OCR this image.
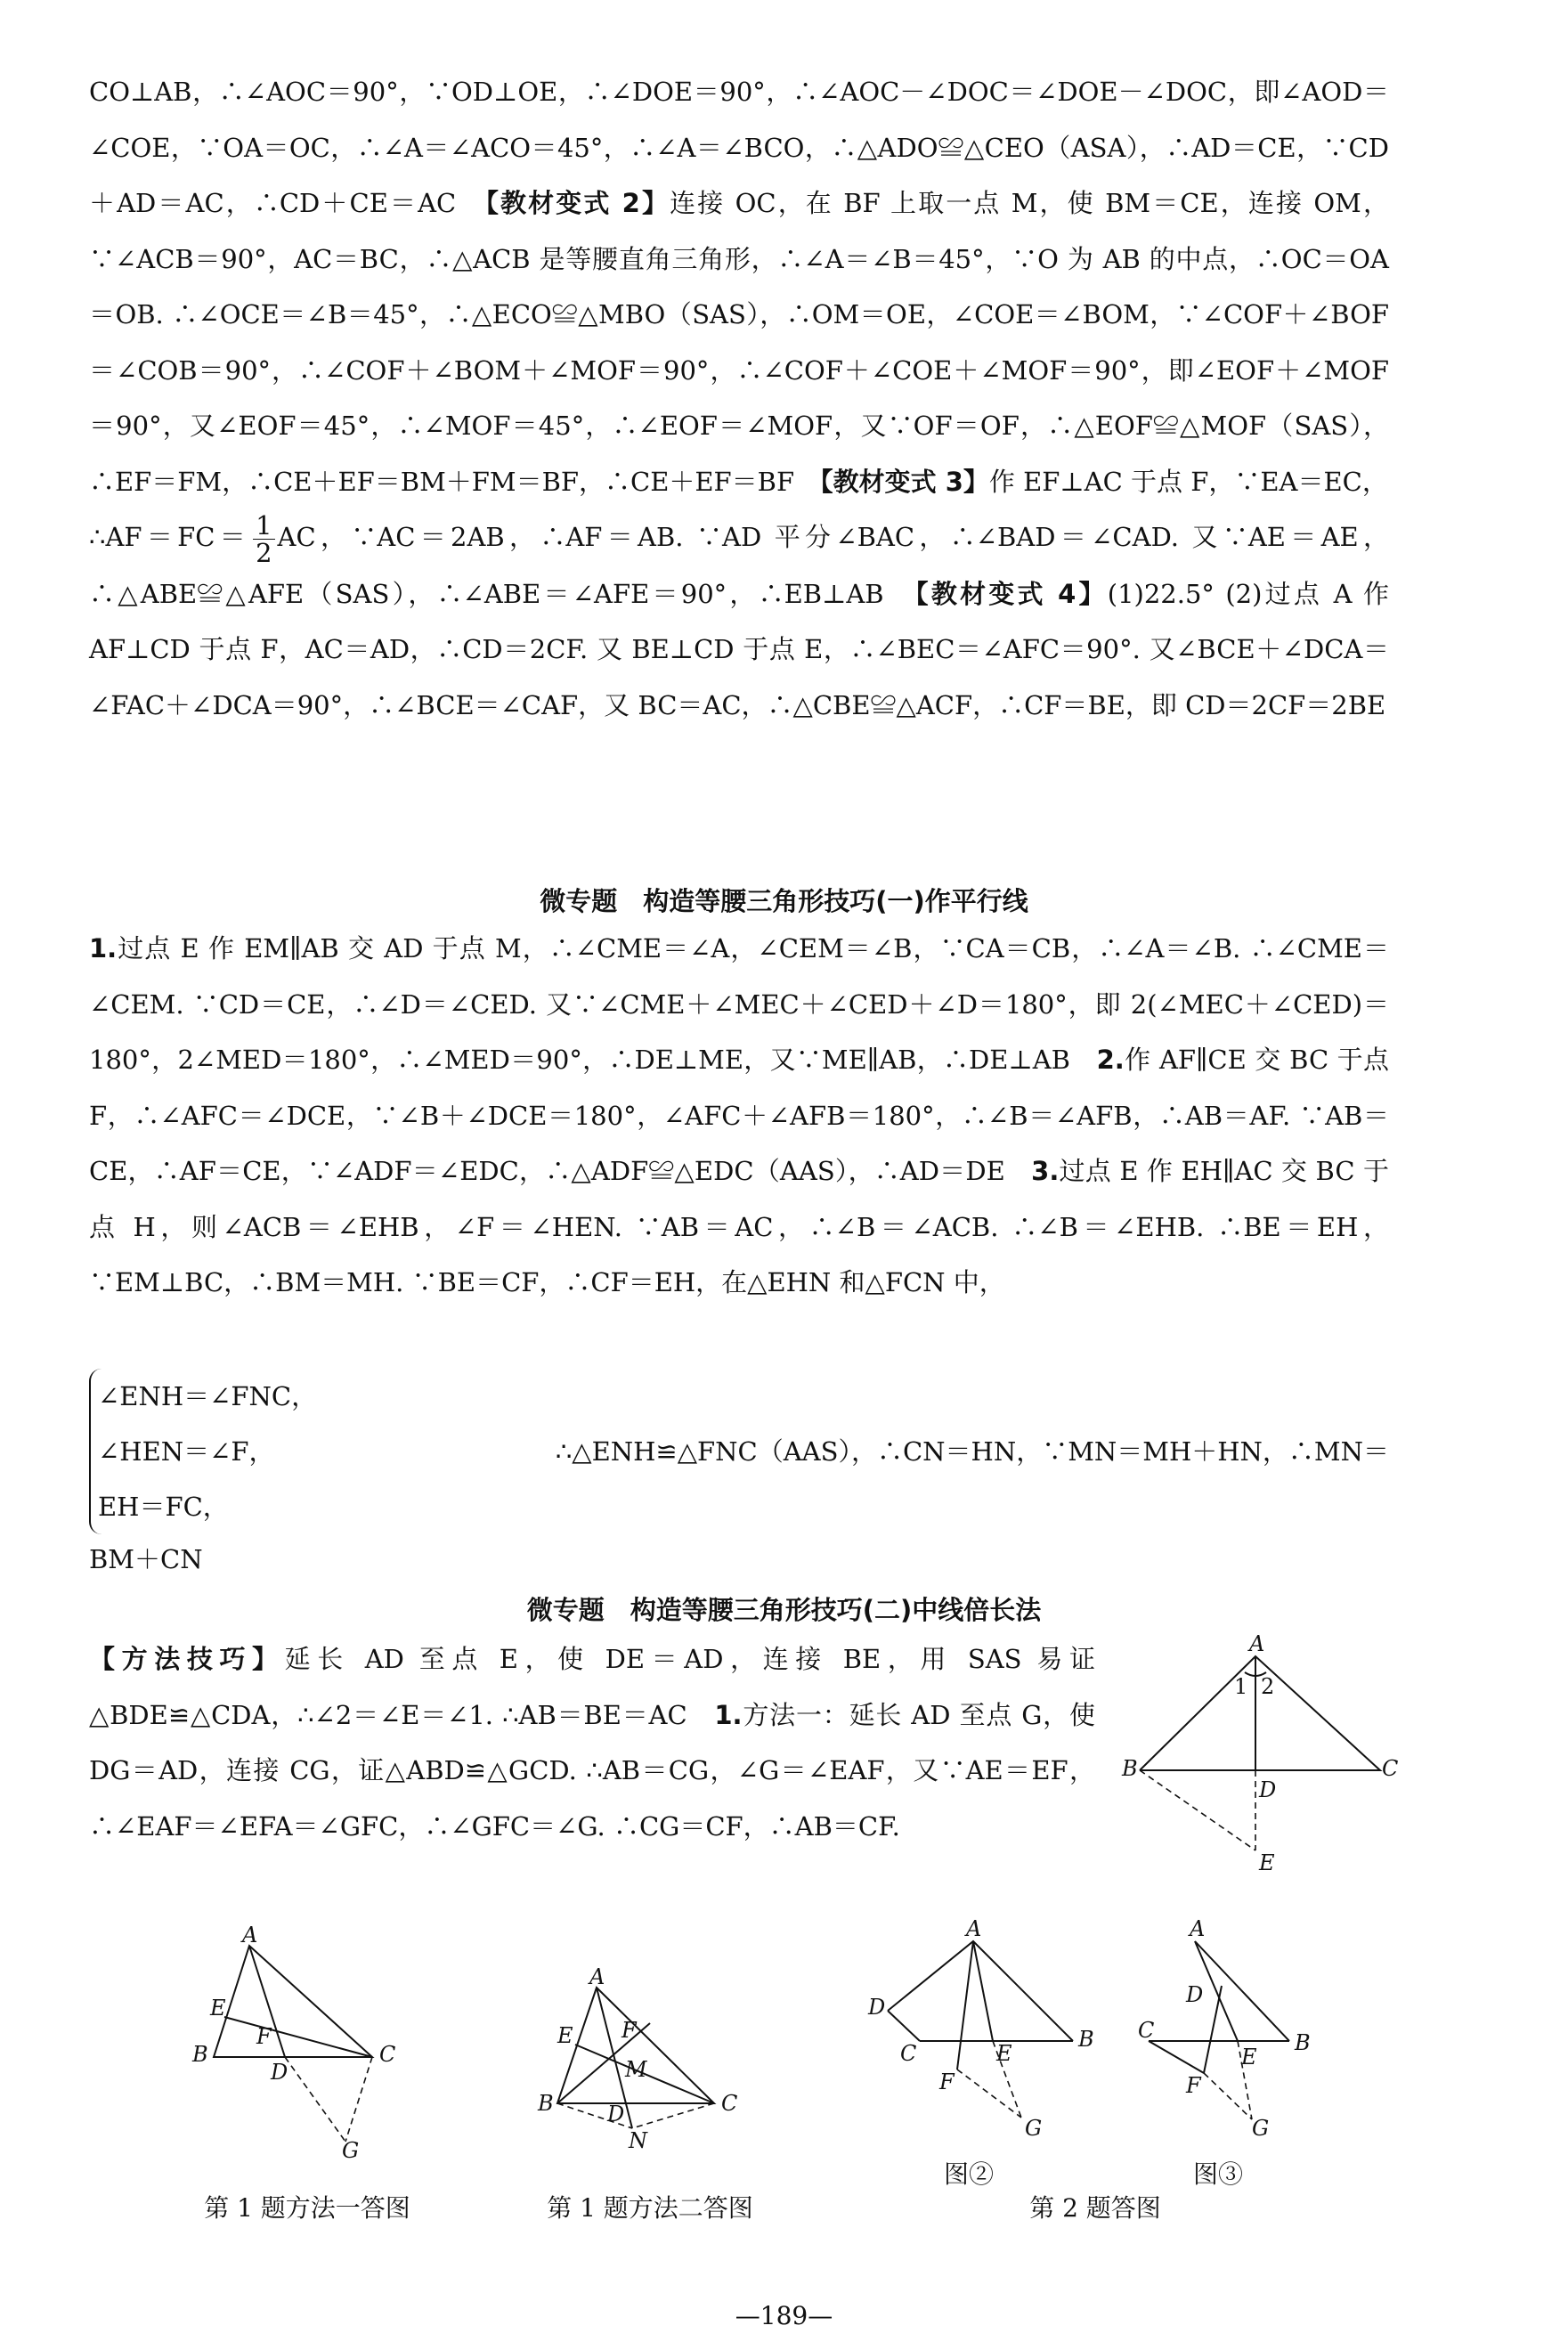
CO⊥AB，∴∠AOC＝90°，∵OD⊥OE，∴∠DOE＝90°，∴∠AOC－∠DOC＝∠DOE－∠DOC，即∠AOD＝∠COE，∵OA＝OC，∴∠A＝∠ACO＝45°，∴∠A＝∠BCO，∴△ADO≌△CEO（ASA），∴AD＝CE，∵CD＋AD＝AC，∴CD＋CE＝AC　 【教材变式 2】连接 OC，在 BF 上取一点 M，使 BM＝CE，连接 OM，∵∠ACB＝90°，AC＝BC，∴△ACB 是等腰直角三角形，∴∠A＝∠B＝45°，∵O 为 AB 的中点，∴OC＝OA＝OB. ∴∠OCE＝∠B＝45°，∴△ECO≌△MBO（SAS），∴OM＝OE，∠COE＝∠BOM，∵∠COF＋∠BOF＝∠COB＝90°，∴∠COF＋∠BOM＋∠MOF＝90°，∴∠COF＋∠COE＋∠MOF＝90°，即∠EOF＋∠MOF＝90°，又∠EOF＝45°，∴∠MOF＝45°，∴∠EOF＝∠MOF，又∵OF＝OF，∴△EOF≌△MOF（SAS），∴EF＝FM，∴CE＋EF＝BM＋FM＝BF，∴CE＋EF＝BF　 【教材变式 3】作 EF⊥AC 于点 F，∵EA＝EC，
∴AF＝FC＝ $\frac{1}{2}$ AC，∵AC＝2AB，∴AF＝AB. ∵AD 平分∠BAC，∴∠BAD＝∠CAD. 又∵AE＝AE，∴△ABE≌△AFE（SAS），∴∠ABE＝∠AFE＝90°，∴EB⊥AB　 【教材变式 4】(1)22.5° (2)过点 A 作 AF⊥CD 于点 F，AC＝AD，∴CD＝2CF. 又 BE⊥CD 于点 E，∴∠BEC＝∠AFC＝90°. 又∠BCE＋∠DCA＝∠FAC＋∠DCA＝90°，∴∠BCE＝∠CAF，又 BC＝AC，∴△CBE≌△ACF，∴CF＝BE，即 CD＝2CF＝2BE

微专题　构造等腰三角形技巧(一)作平行线

1.过点 E 作 EM∥AB 交 AD 于点 M，∴∠CME＝∠A，∠CEM＝∠B，∵CA＝CB，∴∠A＝∠B. ∴∠CME＝∠CEM. ∵CD＝CE，∴∠D＝∠CED. 又∵∠CME＋∠MEC＋∠CED＋∠D＝180°，即 2(∠MEC＋∠CED)＝180°，2∠MED＝180°，∴∠MED＝90°，∴DE⊥ME，又∵ME∥AB，∴DE⊥AB　2.作 AF∥CE 交 BC 于点 F，∴∠AFC＝∠DCE，∵∠B＋∠DCE＝180°，∠AFC＋∠AFB＝180°，∴∠B＝∠AFB，∴AB＝AF. ∵AB＝CE，∴AF＝CE，∵∠ADF＝∠EDC，∴△ADF≌△EDC（AAS），∴AD＝DE　3.过点 E 作 EH∥AC 交 BC 于点 H，则∠ACB＝∠EHB，∠F＝∠HEN. ∵AB＝AC，∴∠B＝∠ACB. ∴∠B＝∠EHB. ∴BE＝EH，∵EM⊥BC，∴BM＝MH. ∵BE＝CF，∴CF＝EH，在△EHN 和△FCN 中，

∠ENH＝∠FNC，
∠HEN＝∠F，
EH＝FC，

∴△ENH≌△FNC（AAS），∴CN＝HN，∵MN＝MH＋HN，∴MN＝

BM＋CN

微专题　构造等腰三角形技巧(二)中线倍长法

【方法技巧】延长 AD 至点 E，使 DE＝AD，连接 BE，用 SAS 易证△BDE≌△CDA，∴∠2＝∠E＝∠1. ∴AB＝BE＝AC　1.方法一：延长 AD 至点 G，使 DG＝AD，连接 CG，证△ABD≌△GCD. ∴AB＝CG，∠G＝∠EAF，又∵AE＝EF，∴∠EAF＝∠EFA＝∠GFC，∴∠GFC＝∠G. ∴CG＝CF，∴AB＝CF.

A
B	C
D
E
1 2
A
B	C
E
F
D
G
A
B	C
E F
M
D
N
A
D
C	E
B
F
G
图②
A
D
C
E
B
F
G
图③
第 1 题方法一答图	第 1 题方法二答图	第 2 题答图
—189—
